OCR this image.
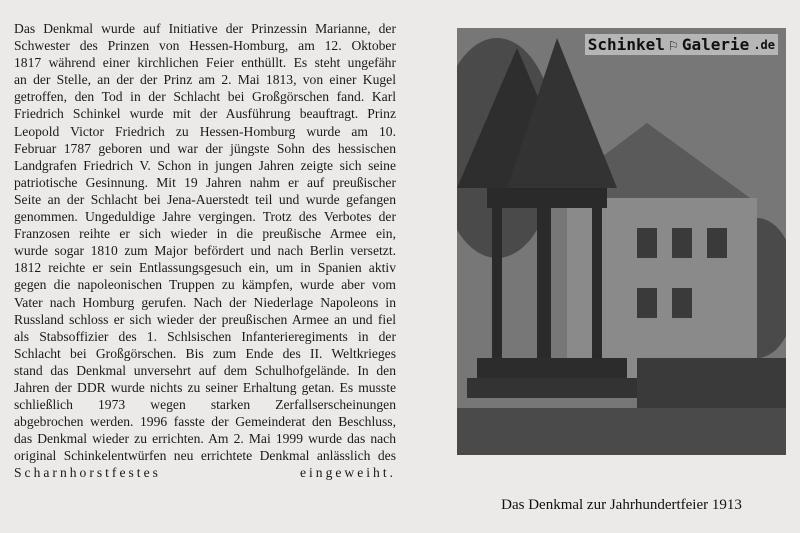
Das Denkmal wurde auf Initiative der Prinzessin Marianne, der
Schwester des Prinzen von Hessen-Homburg, am 12. Oktober
1817 während einer kirchlichen Feier enthüllt. Es steht ungefähr
an der Stelle, an der der Prinz am 2. Mai 1813, von einer Kugel
getroffen, den Tod in der Schlacht bei Großgörschen fand. Karl
Friedrich Schinkel wurde mit der Ausführung beauftragt. Prinz
Leopold Victor Friedrich zu Hessen-Homburg wurde am 10.
Februar 1787 geboren und war der jüngste Sohn des hessischen
Landgrafen Friedrich V. Schon in jungen Jahren zeigte sich seine
patriotische Gesinnung. Mit 19 Jahren nahm er auf preußischer
Seite an der Schlacht bei Jena-Auerstedt teil und wurde gefangen
genommen. Ungeduldige Jahre vergingen. Trotz des Verbotes der
Franzosen reihte er sich wieder in die preußische Armee ein,
wurde sogar 1810 zum Major befördert und nach Berlin versetzt.
1812 reichte er sein Entlassungsgesuch ein, um in Spanien aktiv
gegen die napoleonischen Truppen zu kämpfen, wurde aber vom
Vater nach Homburg gerufen. Nach der Niederlage Napoleons in
Russland schloss er sich wieder der preußischen Armee an und fiel
als Stabsoffizier des 1. Schlsischen Infanterieregiments in der
Schlacht bei Großgörschen. Bis zum Ende des II. Weltkrieges
stand das Denkmal unversehrt auf dem Schulhofgelände. In den
Jahren der DDR wurde nichts zu seiner Erhaltung getan. Es musste
schließlich 1973 wegen starken Zerfallserscheinungen
abgebrochen werden. 1996 fasste der Gemeinderat den Beschluss,
das Denkmal wieder zu errichten. Am 2. Mai 1999 wurde das nach
original Schinkelentwürfen neu errichtete Denkmal anlässlich des
Scharnhorstfestes eingeweiht.
Schinkel ⚐ Galerie .de
Das Denkmal zur Jahrhundertfeier 1913
